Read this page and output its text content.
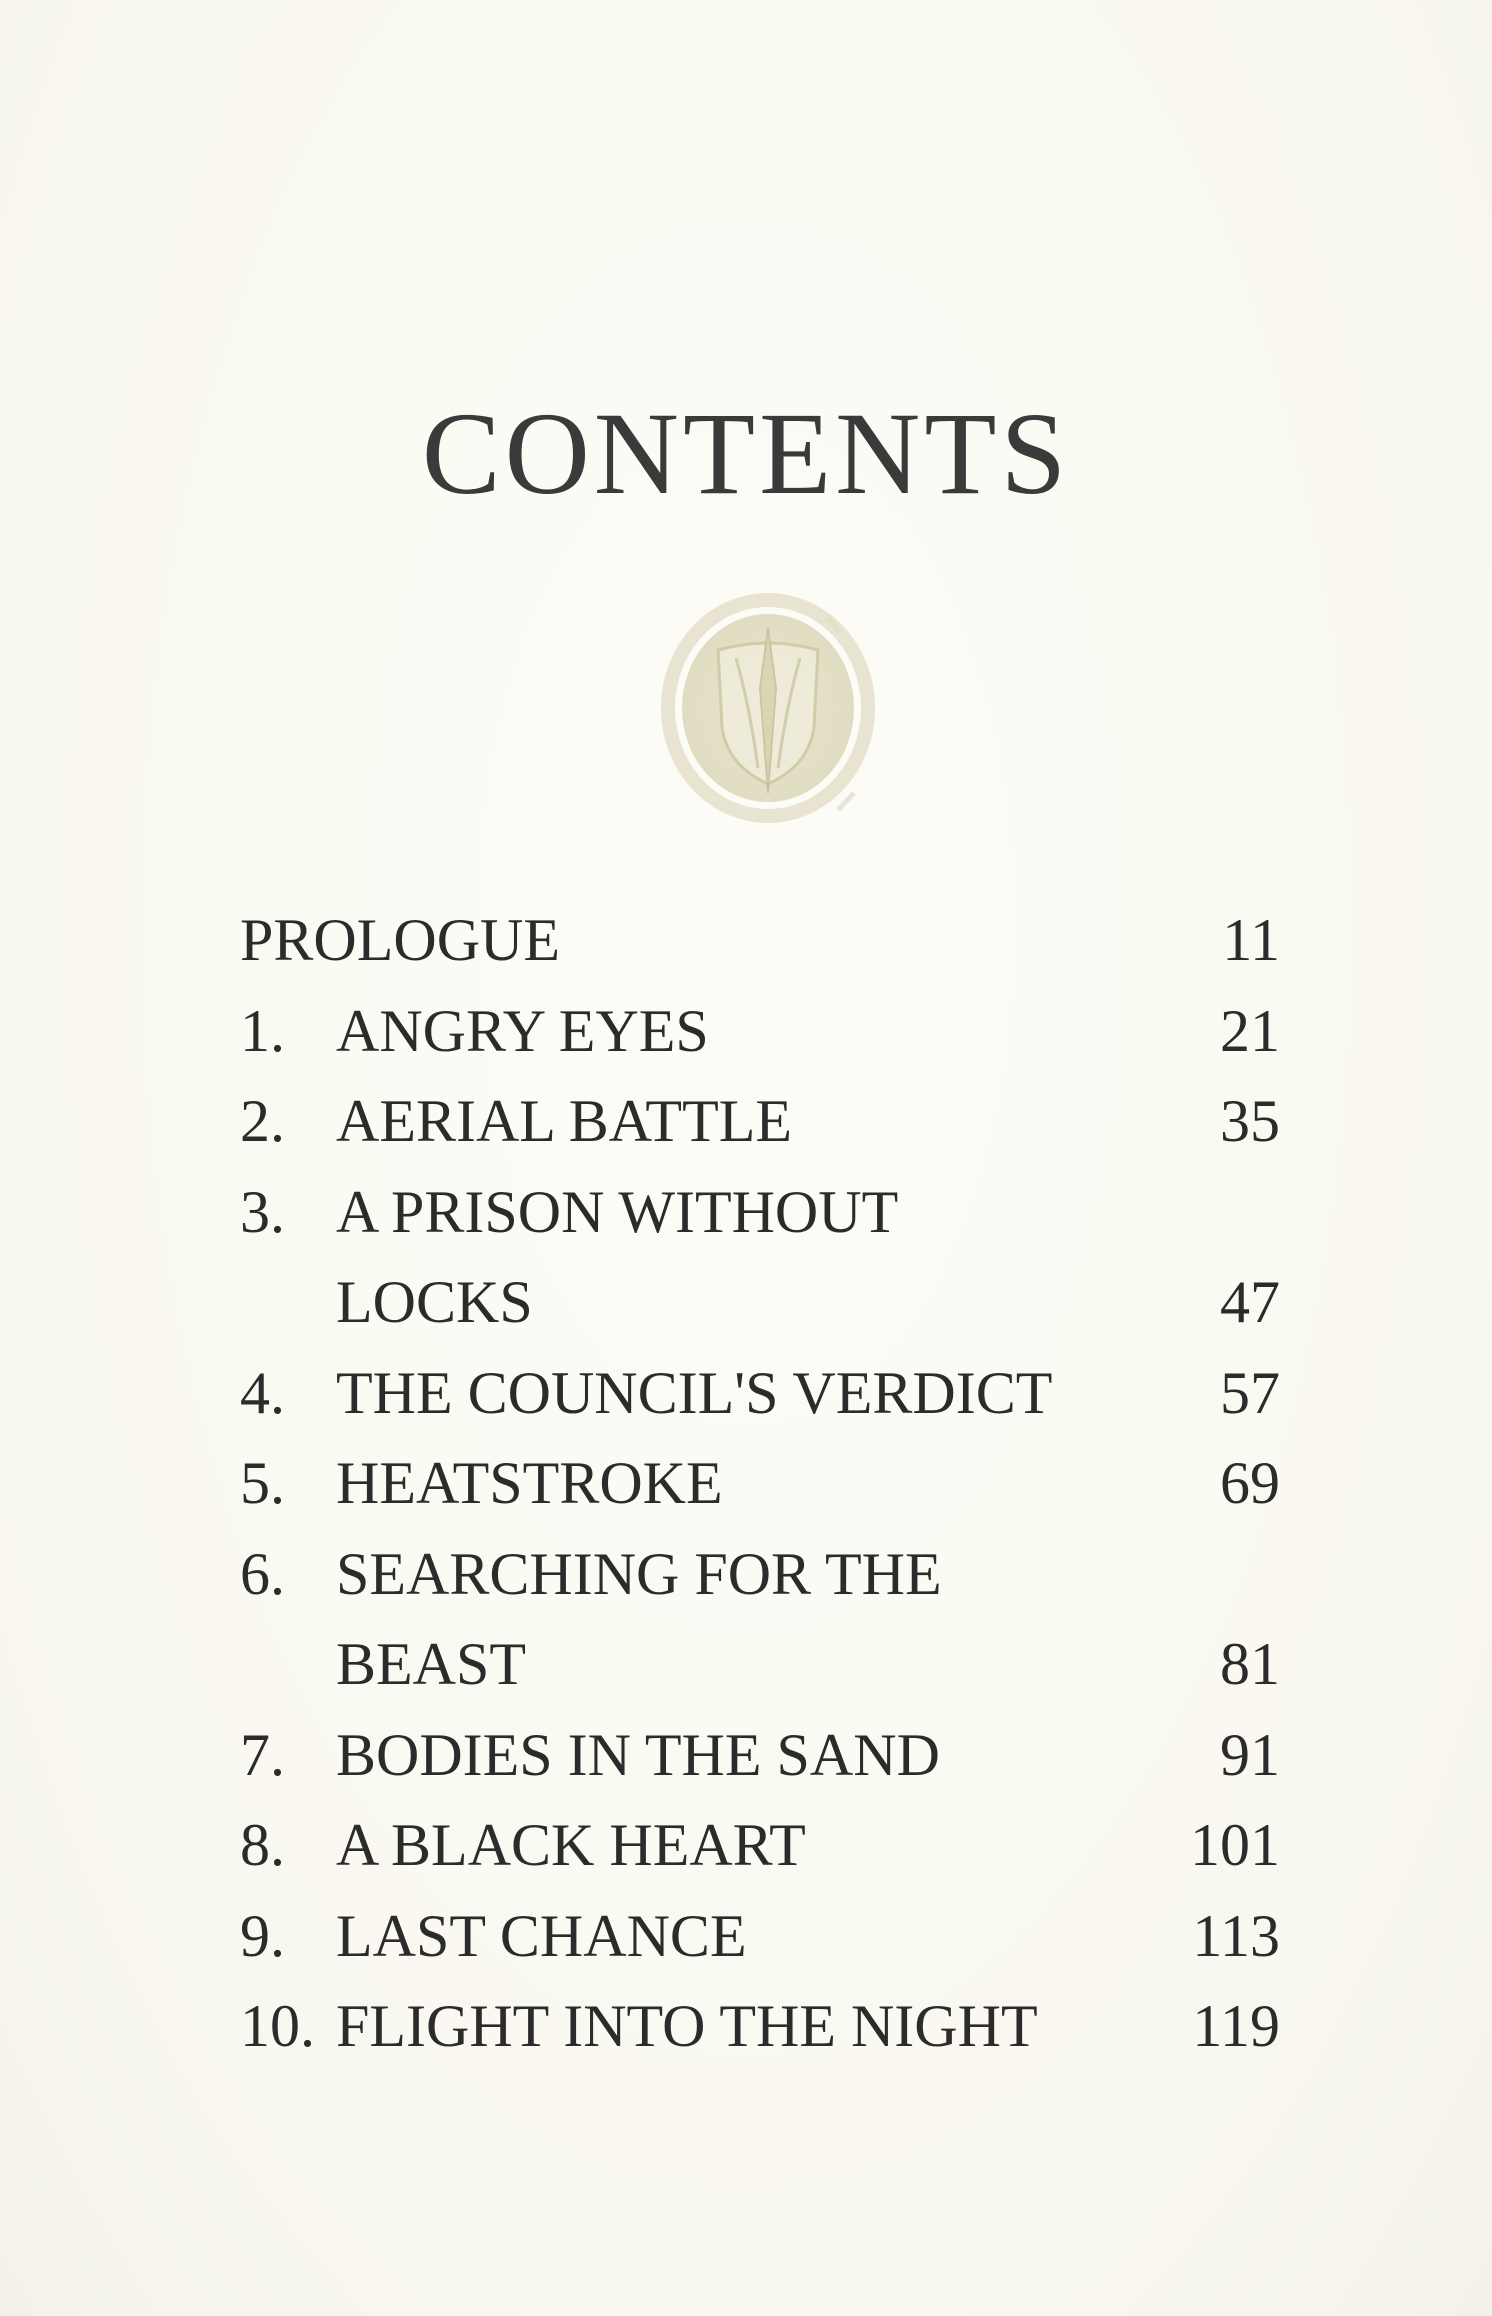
CONTENTS
PROLOGUE	11
1. ANGRY EYES	21
2. AERIAL BATTLE	35
3. A PRISON WITHOUT
LOCKS	47
4. THE COUNCIL'S VERDICT	57
5. HEATSTROKE	69
6. SEARCHING FOR THE
BEAST	81
7. BODIES IN THE SAND	91
8. A BLACK HEART	101
9. LAST CHANCE	113
10. FLIGHT INTO THE NIGHT	119
